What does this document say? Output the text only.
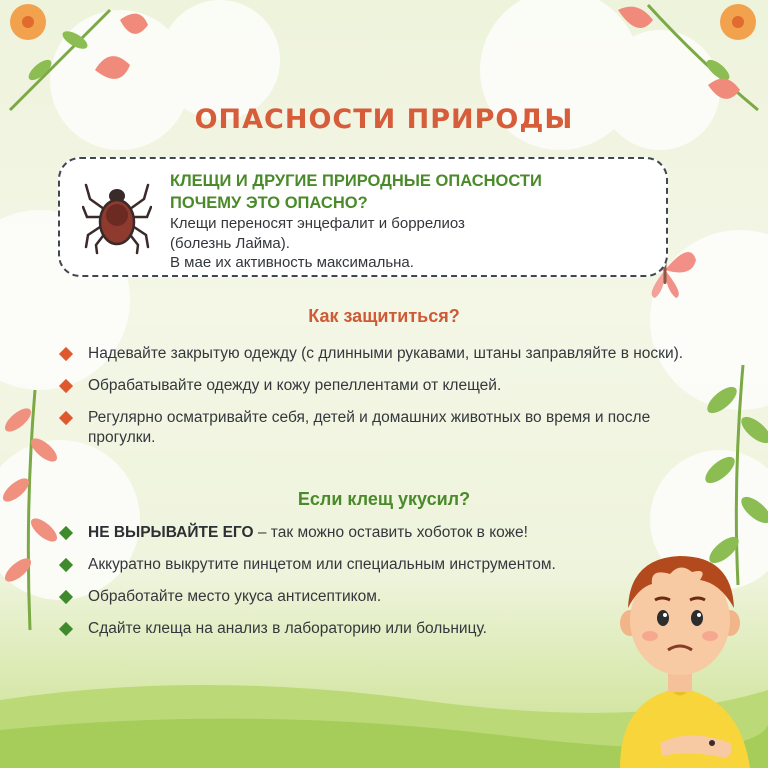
ОПАСНОСТИ ПРИРОДЫ
КЛЕЩИ И ДРУГИЕ ПРИРОДНЫЕ ОПАСНОСТИ
ПОЧЕМУ ЭТО ОПАСНО?
Клещи переносят энцефалит и боррелиоз
(болезнь Лайма).
В мае их активность максимальна.
Как защититься?
Надевайте закрытую одежду (с длинными рукавами, штаны заправляйте в носки).
Обрабатывайте одежду и кожу репеллентами от клещей.
Регулярно осматривайте себя, детей и домашних животных во время и после прогулки.
Если клещ укусил?
НЕ ВЫРЫВАЙТЕ ЕГО – так можно оставить хоботок в коже!
Аккуратно выкрутите пинцетом или специальным инструментом.
Обработайте место укуса антисептиком.
Сдайте клеща на анализ в лабораторию или больницу.
